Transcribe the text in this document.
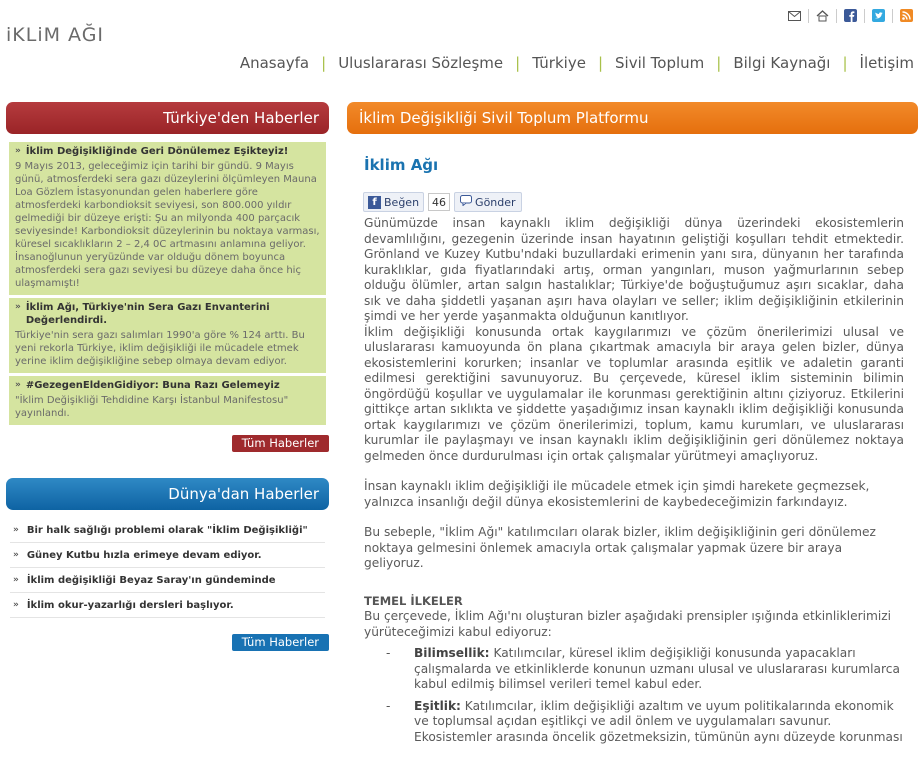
iKLiM AĞI
Anasayfa | Uluslararası Sözleşme | Türkiye | Sivil Toplum | Bilgi Kaynağı | İletişim
Türkiye'den Haberler
» İklim Değişikliğinde Geri Dönülemez Eşikteyiz!
9 Mayıs 2013, geleceğimiz için tarihi bir gündü. 9 Mayıs günü, atmosferdeki sera gazı düzeylerini ölçümleyen Mauna Loa Gözlem İstasyonundan gelen haberlere göre atmosferdeki karbondioksit seviyesi, son 800.000 yıldır gelmediği bir düzeye erişti: Şu an milyonda 400 parçacık seviyesinde! Karbondioksit düzeylerinin bu noktaya varması, küresel sıcaklıkların 2 – 2,4 0C artmasını anlamına geliyor. İnsanoğlunun yeryüzünde var olduğu dönem boyunca atmosferdeki sera gazı seviyesi bu düzeye daha önce hiç ulaşmamıştı!
» İklim Ağı, Türkiye'nin Sera Gazı Envanterini Değerlendirdi.
Türkiye'nin sera gazı salımları 1990'a göre % 124 arttı. Bu yeni rekorla Türkiye, iklim değişikliği ile mücadele etmek yerine iklim değişikliğine sebep olmaya devam ediyor.
» #GezegenEldenGidiyor: Buna Razı Gelemeyiz
"İklim Değişikliği Tehdidine Karşı İstanbul Manifestosu" yayınlandı.
Tüm Haberler
Dünya'dan Haberler
» Bir halk sağlığı problemi olarak "İklim Değişikliği"
» Güney Kutbu hızla erimeye devam ediyor.
» İklim değişikliği Beyaz Saray'ın gündeminde
» İklim okur-yazarlığı dersleri başlıyor.
Tüm Haberler
İklim Değişikliği Sivil Toplum Platformu
İklim Ağı
f Beğen	46	Gönder
Günümüzde insan kaynaklı iklim değişikliği dünya üzerindeki ekosistemlerin devamlılığını, gezegenin üzerinde insan hayatının geliştiği koşulları tehdit etmektedir. Grönland ve Kuzey Kutbu'ndaki buzullardaki erimenin yanı sıra, dünyanın her tarafında kuraklıklar, gıda fiyatlarındaki artış, orman yangınları, muson yağmurlarının sebep olduğu ölümler, artan salgın hastalıklar; Türkiye'de boğuştuğumuz aşırı sıcaklar, daha sık ve daha şiddetli yaşanan aşırı hava olayları ve seller; iklim değişikliğinin etkilerinin şimdi ve her yerde yaşanmakta olduğunun kanıtlıyor.
İklim değişikliği konusunda ortak kaygılarımızı ve çözüm önerilerimizi ulusal ve uluslararası kamuoyunda ön plana çıkartmak amacıyla bir araya gelen bizler, dünya ekosistemlerini korurken; insanlar ve toplumlar arasında eşitlik ve adaletin garanti edilmesi gerektiğini savunuyoruz. Bu çerçevede, küresel iklim sisteminin bilimin öngördüğü koşullar ve uygulamalar ile korunması gerektiğinin altını çiziyoruz. Etkilerini gittikçe artan sıklıkta ve şiddette yaşadığımız insan kaynaklı iklim değişikliği konusunda ortak kaygılarımızı ve çözüm önerilerimizi, toplum, kamu kurumları, ve uluslararası kurumlar ile paylaşmayı ve insan kaynaklı iklim değişikliğinin geri dönülemez noktaya gelmeden önce durdurulması için ortak çalışmalar yürütmeyi amaçlıyoruz.
İnsan kaynaklı iklim değişikliği ile mücadele etmek için şimdi harekete geçmezsek, yalnızca insanlığı değil dünya ekosistemlerini de kaybedeceğimizin farkındayız.
Bu sebeple, "İklim Ağı" katılımcıları olarak bizler, iklim değişikliğinin geri dönülemez noktaya gelmesini önlemek amacıyla ortak çalışmalar yapmak üzere bir araya geliyoruz.
TEMEL İLKELER
Bu çerçevede, İklim Ağı'nı oluşturan bizler aşağıdaki prensipler ışığında etkinliklerimizi yürüteceğimizi kabul ediyoruz:
-	Bilimsellik: Katılımcılar, küresel iklim değişikliği konusunda yapacakları çalışmalarda ve etkinliklerde konunun uzmanı ulusal ve uluslararası kurumlarca kabul edilmiş bilimsel verileri temel kabul eder.
-	Eşitlik: Katılımcılar, iklim değişikliği azaltım ve uyum politikalarında ekonomik ve toplumsal açıdan eşitlikçi ve adil önlem ve uygulamaları savunur. Ekosistemler arasında öncelik gözetmeksizin, tümünün aynı düzeyde korunması
